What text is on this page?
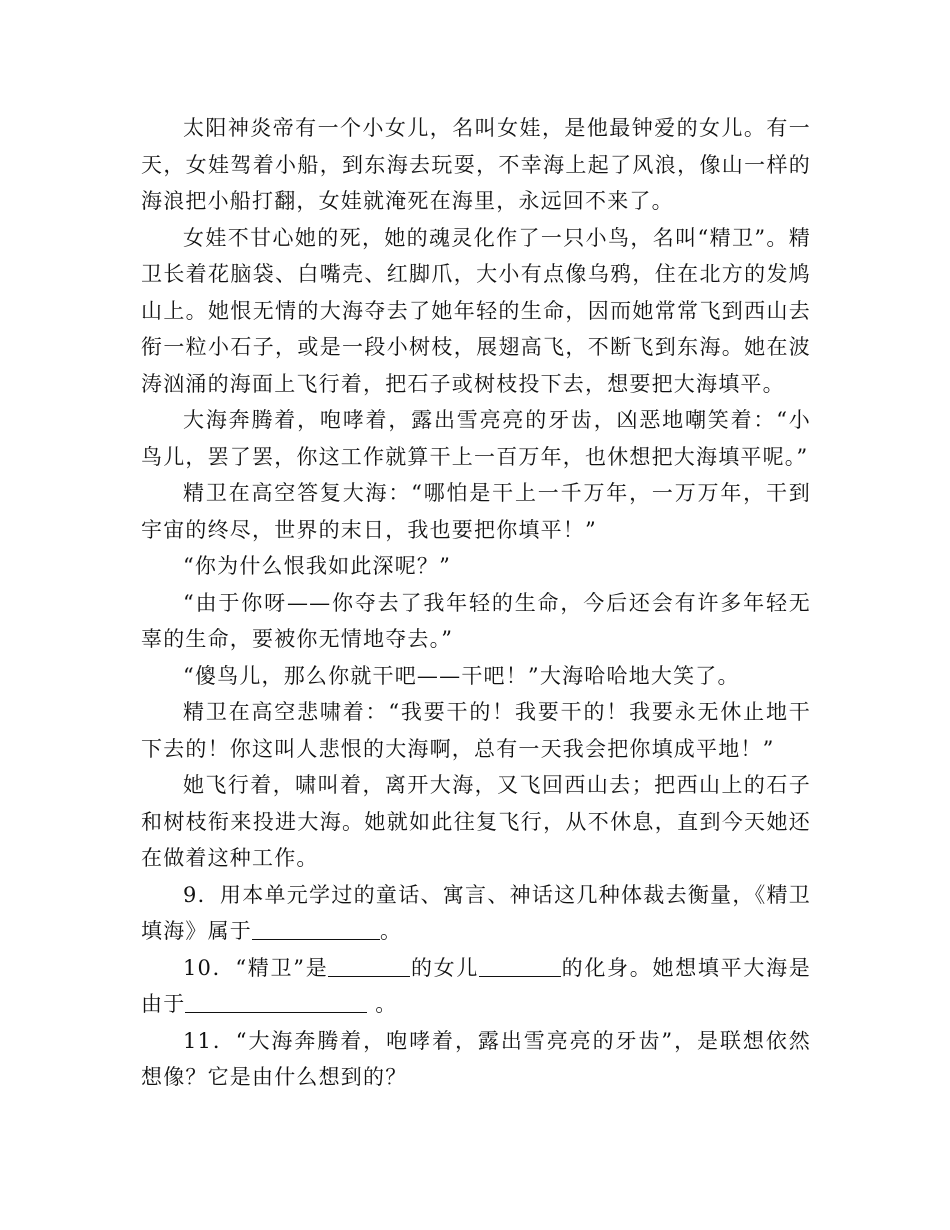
太阳神炎帝有一个小女儿，名叫女娃，是他最钟爱的女儿。有一天，女娃驾着小船，到东海去玩耍，不幸海上起了风浪，像山一样的海浪把小船打翻，女娃就淹死在海里，永远回不来了。

女娃不甘心她的死，她的魂灵化作了一只小鸟，名叫“精卫”。精卫长着花脑袋、白嘴壳、红脚爪，大小有点像乌鸦，住在北方的发鸠山上。她恨无情的大海夺去了她年轻的生命，因而她常常飞到西山去衔一粒小石子，或是一段小树枝，展翅高飞，不断飞到东海。她在波涛汹涌的海面上飞行着，把石子或树枝投下去，想要把大海填平。

大海奔腾着，咆哮着，露出雪亮亮的牙齿，凶恶地嘲笑着：“小鸟儿，罢了罢，你这工作就算干上一百万年，也休想把大海填平呢。”

精卫在高空答复大海：“哪怕是干上一千万年，一万万年，干到宇宙的终尽，世界的末日，我也要把你填平！”

“你为什么恨我如此深呢？”

“由于你呀——你夺去了我年轻的生命，今后还会有许多年轻无辜的生命，要被你无情地夺去。”

“傻鸟儿，那么你就干吧——干吧！”大海哈哈地大笑了。

精卫在高空悲啸着：“我要干的！我要干的！我要永无休止地干下去的！你这叫人悲恨的大海啊，总有一天我会把你填成平地！”

她飞行着，啸叫着，离开大海，又飞回西山去；把西山上的石子和树枝衔来投进大海。她就如此往复飞行，从不休息，直到今天她还在做着这种工作。

9．用本单元学过的童话、寓言、神话这几种体裁去衡量，《精卫填海》属于	。

10．“精卫”是	的女儿	的化身。她想填平大海是由于	。

11．“大海奔腾着，咆哮着，露出雪亮亮的牙齿”，是联想依然想像？它是由什么想到的？
